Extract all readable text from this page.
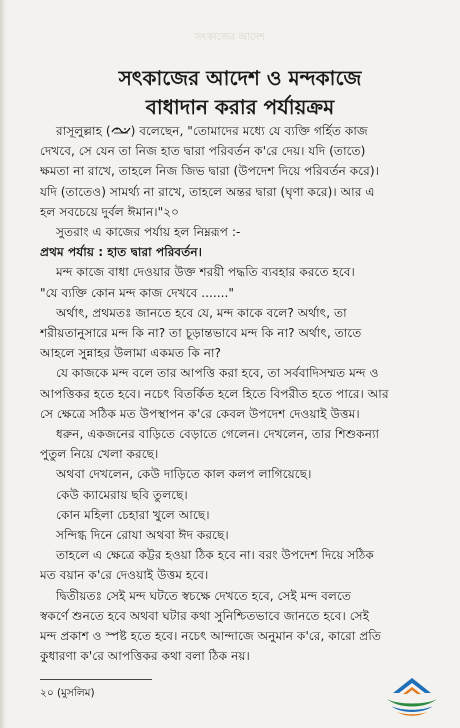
সৎকাজের আদেশ
সৎকাজের আদেশ ও মন্দকাজে
বাধাদান করার পর্যায়ক্রম
রাসূলুল্লাহ ( ) বলেছেন, "তোমাদের মধ্যে যে ব্যক্তি গর্হিত কাজ
দেখবে, সে যেন তা নিজ হাত দ্বারা পরিবর্তন ক'রে দেয়। যদি (তাতে)
ক্ষমতা না রাখে, তাহলে নিজ জিভ দ্বারা (উপদেশ দিয়ে পরিবর্তন করে)।
যদি (তাতেও) সামর্থ্য না রাখে, তাহলে অন্তর দ্বারা (ঘৃণা করে)। আর এ
হল সবচেয়ে দুর্বল ঈমান।"২০
সুতরাং এ কাজের পর্যায় হল নিম্নরূপ :-
প্রথম পর্যায় : হাত দ্বারা পরিবর্তন।
মন্দ কাজে বাধা দেওয়ার উক্ত শরয়ী পদ্ধতি ব্যবহার করতে হবে।
"যে ব্যক্তি কোন মন্দ কাজ দেখবে ......."
অর্থাৎ, প্রথমতঃ জানতে হবে যে, মন্দ কাকে বলে? অর্থাৎ, তা
শরীয়তানুসারে মন্দ কি না? তা চূড়ান্তভাবে মন্দ কি না? অর্থাৎ, তাতে
আহলে সুন্নাহর উলামা একমত কি না?
যে কাজকে মন্দ বলে তার আপত্তি করা হবে, তা সর্ববাদিসম্মত মন্দ ও
আপত্তিকর হতে হবে। নচেৎ বিতর্কিত হলে হিতে বিপরীত হতে পারে। আর
সে ক্ষেত্রে সঠিক মত উপস্থাপন ক'রে কেবল উপদেশ দেওয়াই উত্তম।
ধরুন, একজনের বাড়িতে বেড়াতে গেলেন। দেখলেন, তার শিশুকন্যা
পুতুল নিয়ে খেলা করছে।
অথবা দেখলেন, কেউ দাড়িতে কাল কলপ লাগিয়েছে।
কেউ ক্যামেরায় ছবি তুলছে।
কোন মহিলা চেহারা খুলে আছে।
সন্দিগ্ধ দিনে রোযা অথবা ঈদ করছে।
তাহলে এ ক্ষেত্রে কট্টর হওয়া ঠিক হবে না। বরং উপদেশ দিয়ে সঠিক
মত বয়ান ক'রে দেওয়াই উত্তম হবে।
দ্বিতীয়তঃ সেই মন্দ ঘটতে স্বচক্ষে দেখতে হবে, সেই মন্দ বলতে
স্বকর্ণে শুনতে হবে অথবা ঘটার কথা সুনিশ্চিতভাবে জানতে হবে। সেই
মন্দ প্রকাশ ও স্পষ্ট হতে হবে। নচেৎ আন্দাজে অনুমান ক'রে, কারো প্রতি
কুধারণা ক'রে আপত্তিকর কথা বলা ঠিক নয়।
২০ (মুসলিম)
